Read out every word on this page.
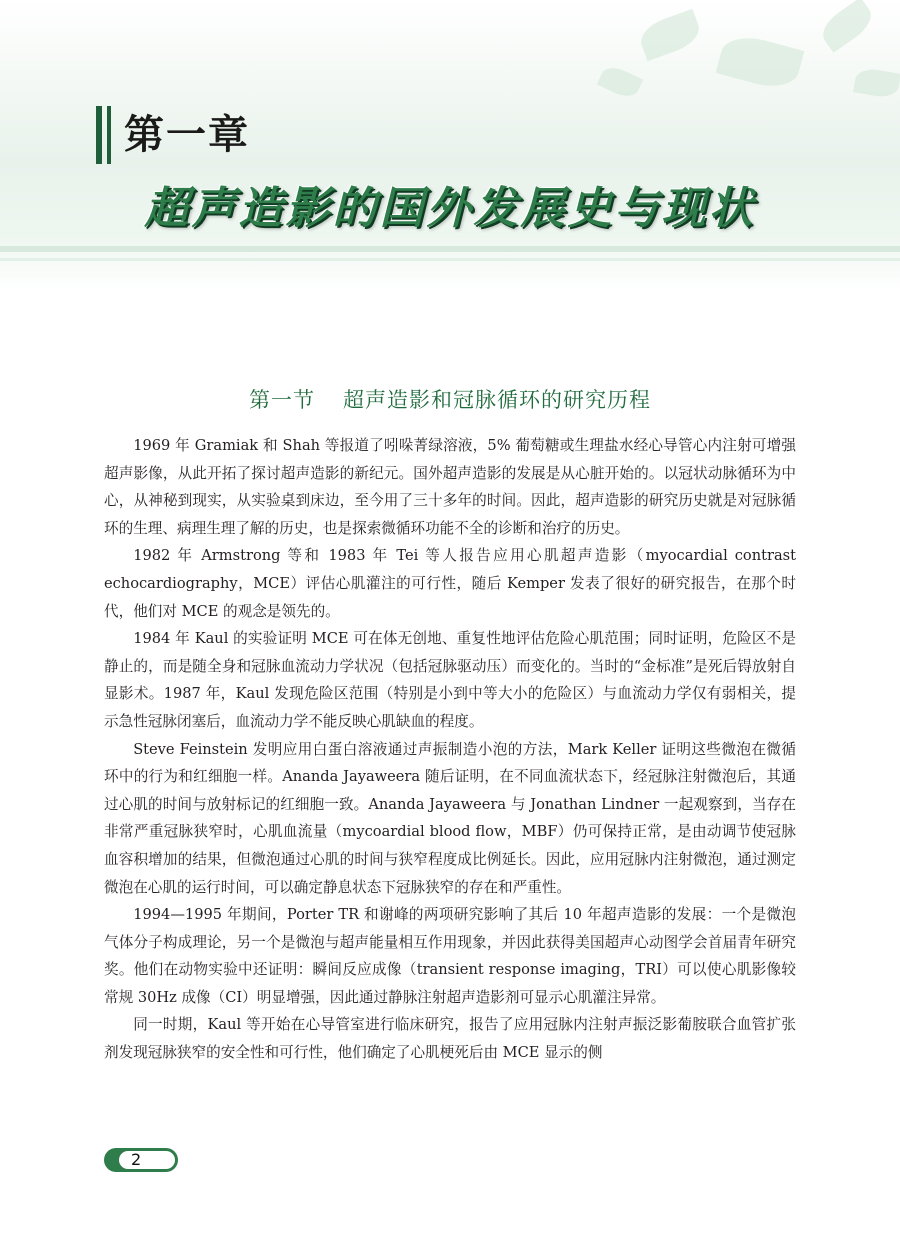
第一章
超声造影的国外发展史与现状
第一节 超声造影和冠脉循环的研究历程

1969 年 Gramiak 和 Shah 等报道了吲哚菁绿溶液，5% 葡萄糖或生理盐水经心导管心内注射可增强超声影像，从此开拓了探讨超声造影的新纪元。国外超声造影的发展是从心脏开始的。以冠状动脉循环为中心，从神秘到现实，从实验桌到床边，至今用了三十多年的时间。因此，超声造影的研究历史就是对冠脉循环的生理、病理生理了解的历史，也是探索微循环功能不全的诊断和治疗的历史。

1982 年 Armstrong 等和 1983 年 Tei 等人报告应用心肌超声造影（myocardial contrast echocardiography，MCE）评估心肌灌注的可行性，随后 Kemper 发表了很好的研究报告，在那个时代，他们对 MCE 的观念是领先的。

1984 年 Kaul 的实验证明 MCE 可在体无创地、重复性地评估危险心肌范围；同时证明，危险区不是静止的，而是随全身和冠脉血流动力学状况（包括冠脉驱动压）而变化的。当时的“金标准”是死后锝放射自显影术。1987 年，Kaul 发现危险区范围（特别是小到中等大小的危险区）与血流动力学仅有弱相关，提示急性冠脉闭塞后，血流动力学不能反映心肌缺血的程度。

Steve Feinstein 发明应用白蛋白溶液通过声振制造小泡的方法，Mark Keller 证明这些微泡在微循环中的行为和红细胞一样。Ananda Jayaweera 随后证明，在不同血流状态下，经冠脉注射微泡后，其通过心肌的时间与放射标记的红细胞一致。Ananda Jayaweera 与 Jonathan Lindner 一起观察到，当存在非常严重冠脉狭窄时，心肌血流量（mycoardial blood flow，MBF）仍可保持正常，是由动调节使冠脉血容积增加的结果，但微泡通过心肌的时间与狭窄程度成比例延长。因此，应用冠脉内注射微泡，通过测定微泡在心肌的运行时间，可以确定静息状态下冠脉狭窄的存在和严重性。

1994—1995 年期间，Porter TR 和谢峰的两项研究影响了其后 10 年超声造影的发展：一个是微泡气体分子构成理论，另一个是微泡与超声能量相互作用现象，并因此获得美国超声心动图学会首届青年研究奖。他们在动物实验中还证明：瞬间反应成像（transient response imaging，TRI）可以使心肌影像较常规 30Hz 成像（CI）明显增强，因此通过静脉注射超声造影剂可显示心肌灌注异常。

同一时期，Kaul 等开始在心导管室进行临床研究，报告了应用冠脉内注射声振泛影葡胺联合血管扩张剂发现冠脉狭窄的安全性和可行性，他们确定了心肌梗死后由 MCE 显示的侧

2
